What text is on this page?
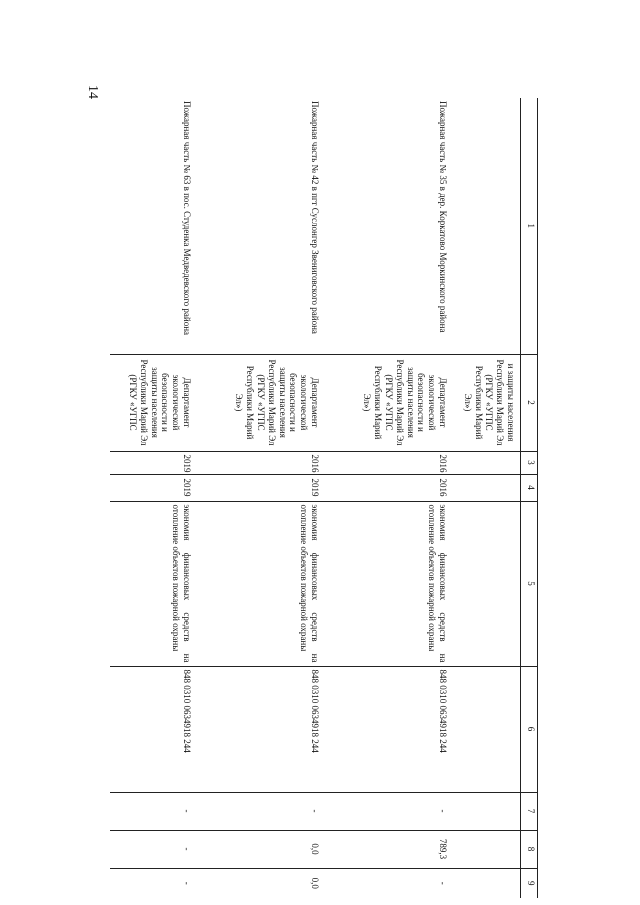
14
1	2	3	4	5	6	7	8	9
	и защиты населения Республики Марий Эл (РГКУ «УГПС Республики Марий Эл»)							
Пожарная часть № 35 в дер. Коркатово Моркинского района	Департамент экологической безопасности и защиты населения Республики Марий Эл (РГКУ «УГПС Республики Марий Эл»)	2016	2016	экономия финансовых средств на отопление объектов пожарной охраны	848 0310 0634918 244	-	789,3	-
Пожарная часть № 42 в пгт Суслонгер Звениговского района	Департамент экологической безопасности и защиты населения Республики Марий Эл (РГКУ «УГПС Республики Марий Эл»)	2016	2019	экономия финансовых средств на отопление объектов пожарной охраны	848 0310 0634918 244	-	0,0	0,0
Пожарная часть № 63 в пос. Студенка Медведевского района	Департамент экологической безопасности и защиты населения Республики Марий Эл (РГКУ «УГПС	2019	2019	экономия финансовых средств на отопление объектов пожарной охраны	848 0310 0634918 244	-	-	-
